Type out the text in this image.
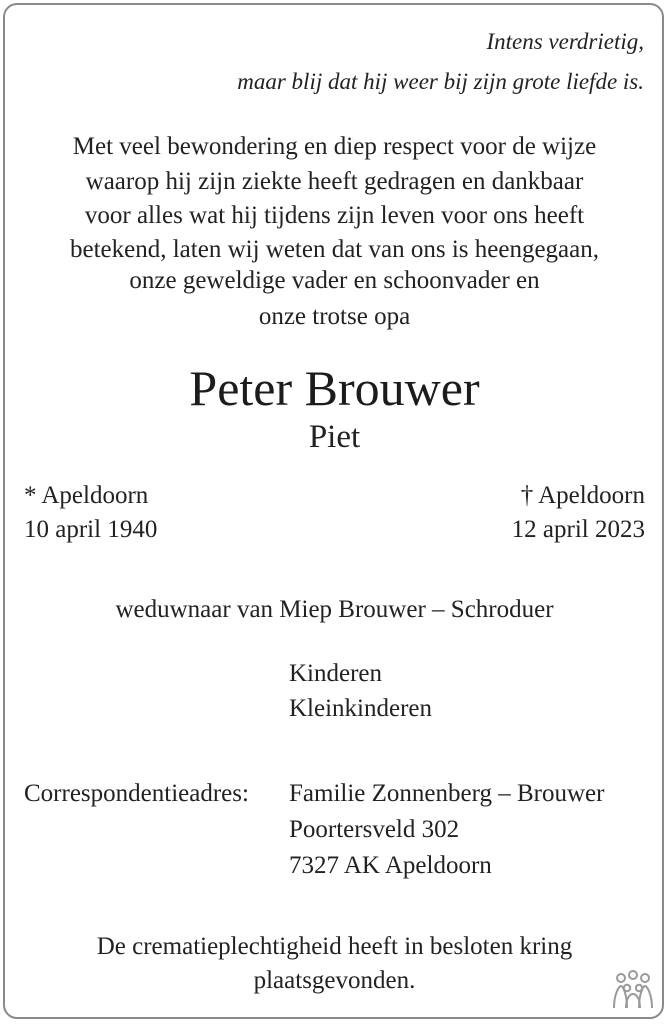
Intens verdrietig,
maar blij dat hij weer bij zijn grote liefde is.
Met veel bewondering en diep respect voor de wijze
waarop hij zijn ziekte heeft gedragen en dankbaar
voor alles wat hij tijdens zijn leven voor ons heeft
betekend, laten wij weten dat van ons is heengegaan,
onze geweldige vader en schoonvader en
onze trotse opa
Peter Brouwer
Piet
* Apeldoorn
10 april 1940
† Apeldoorn
12 april 2023
weduwnaar van Miep Brouwer – Schroduer
Kinderen
Kleinkinderen
Correspondentieadres: Familie Zonnenberg – Brouwer
Poortersveld 302
7327 AK Apeldoorn
De crematieplechtigheid heeft in besloten kring
plaatsgevonden.
